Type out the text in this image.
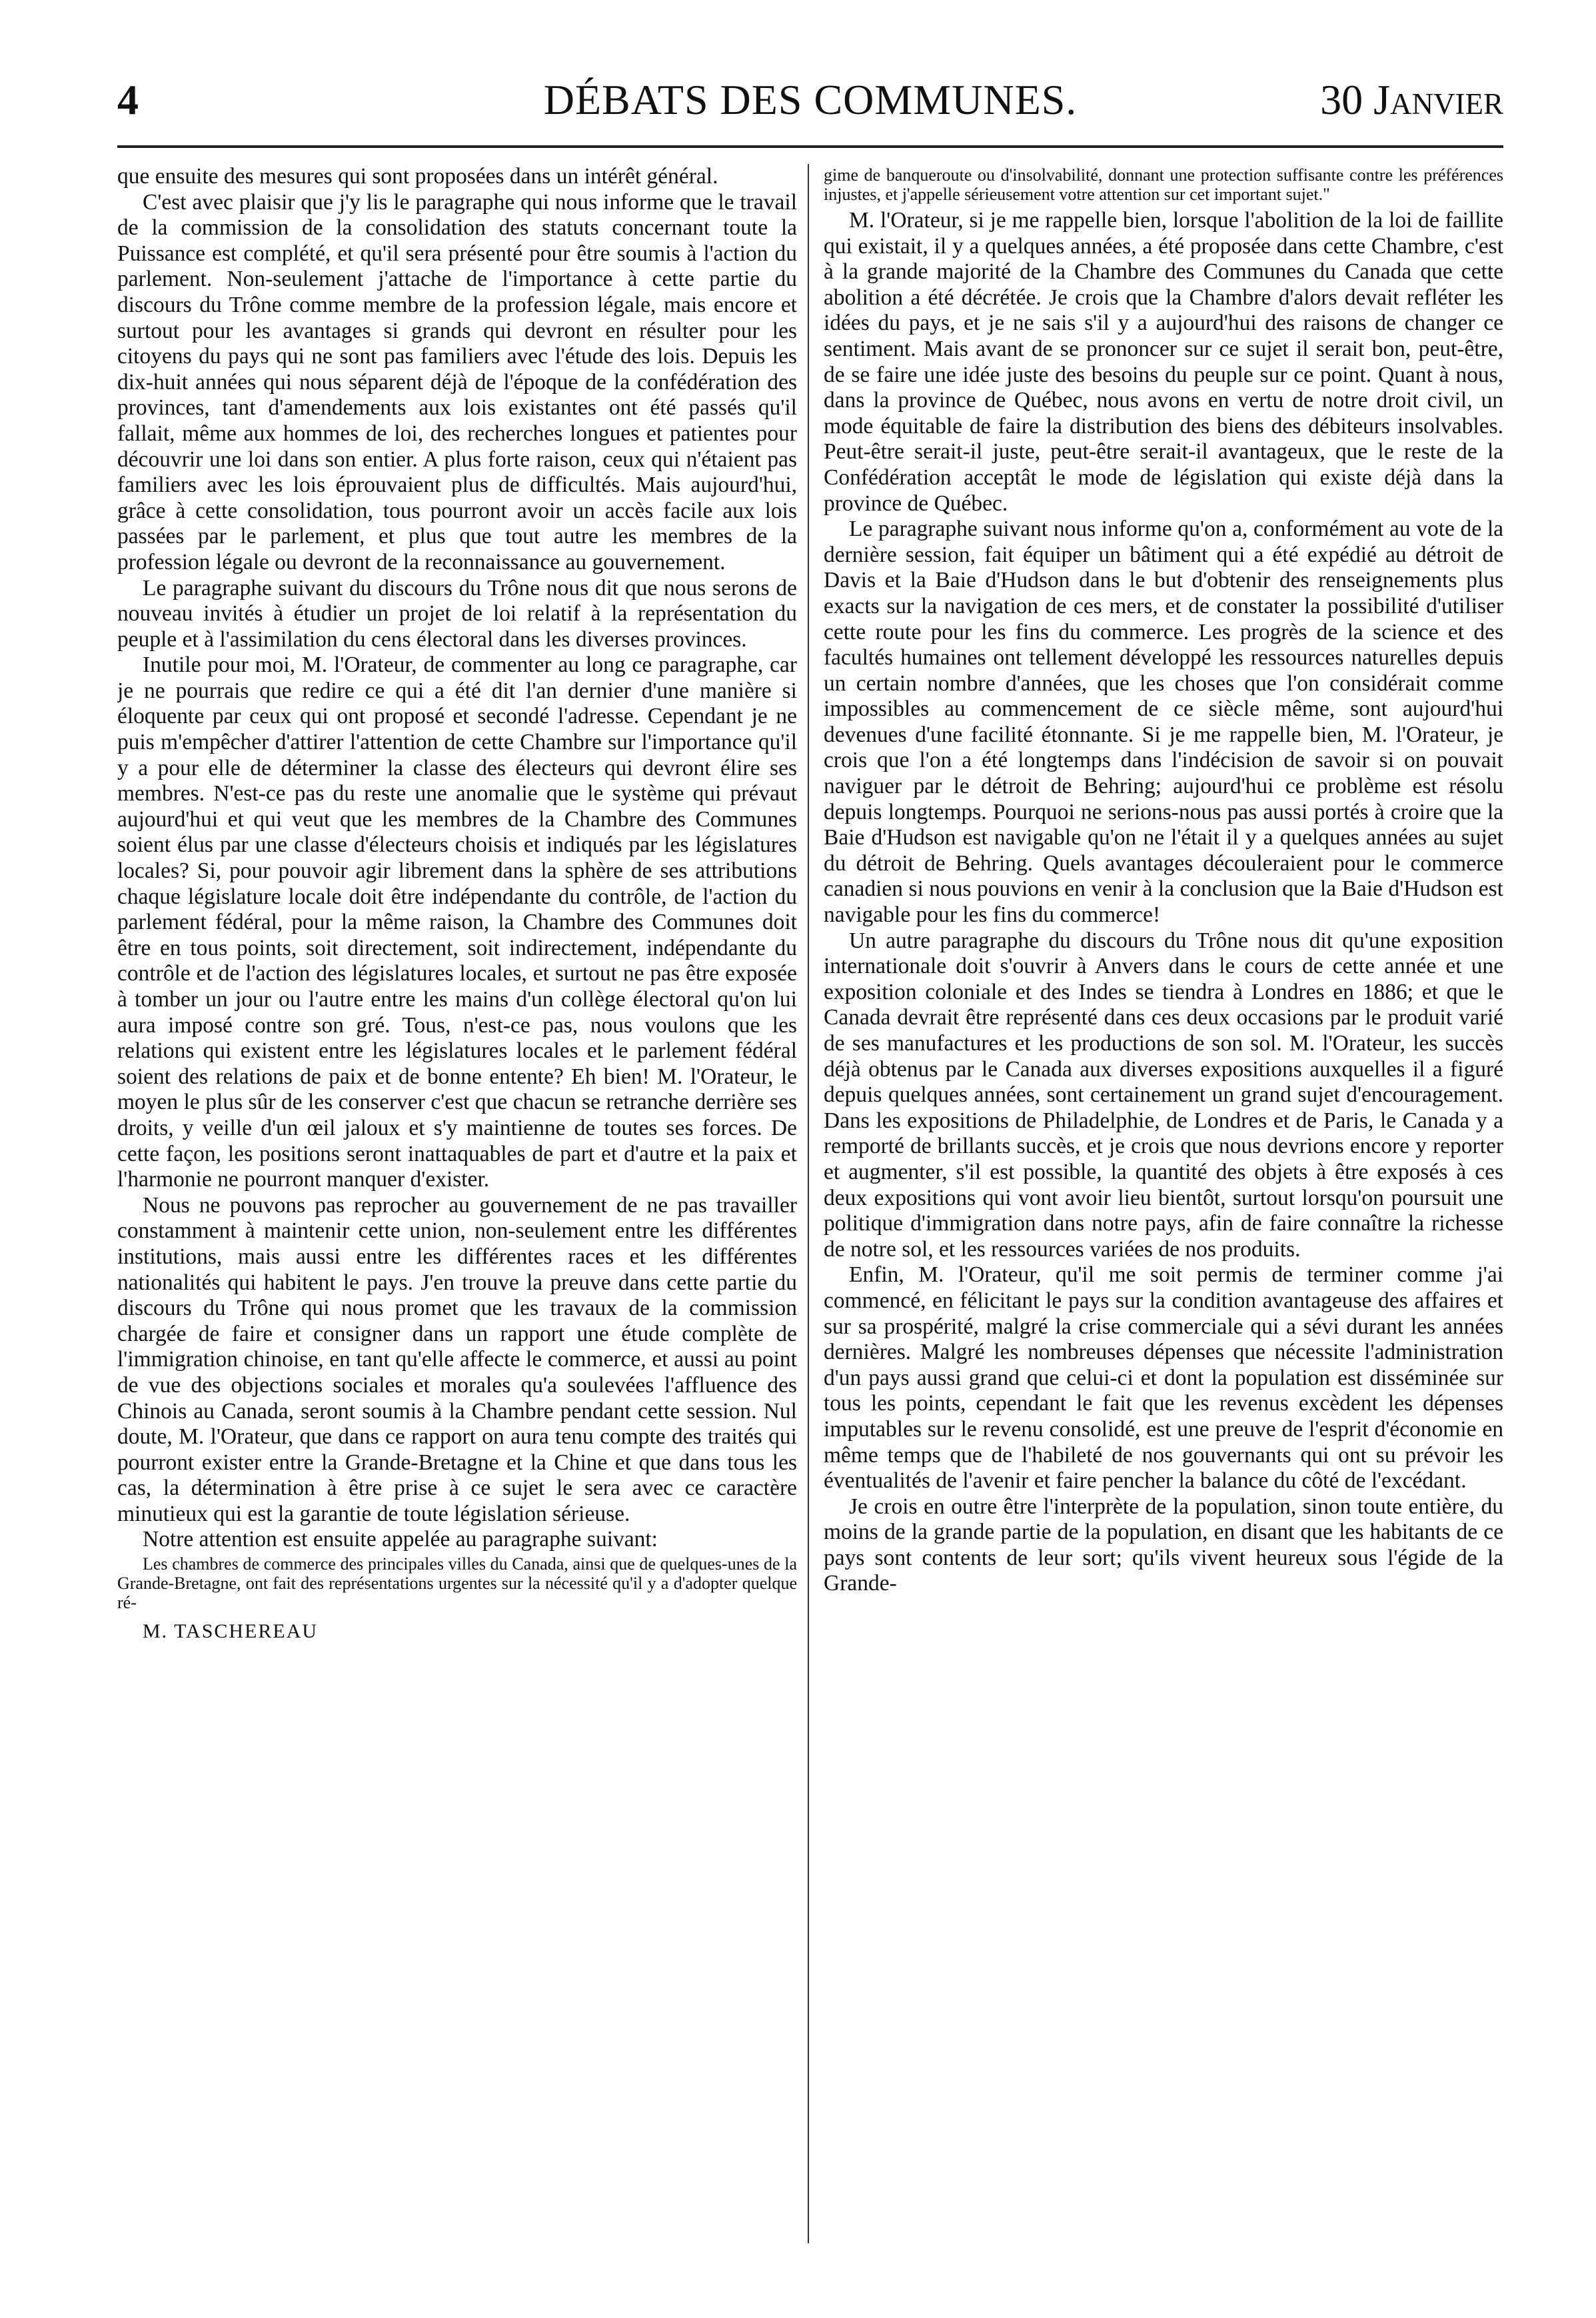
4	DÉBATS DES COMMUNES.	30 Janvier

que ensuite des mesures qui sont proposées dans un intérêt général.

C'est avec plaisir que j'y lis le paragraphe qui nous informe que le travail de la commission de la consolidation des statuts concernant toute la Puissance est complété, et qu'il sera présenté pour être soumis à l'action du parlement. Non-seulement j'attache de l'importance à cette partie du discours du Trône comme membre de la profession légale, mais encore et surtout pour les avantages si grands qui devront en résulter pour les citoyens du pays qui ne sont pas familiers avec l'étude des lois. Depuis les dix-huit années qui nous séparent déjà de l'époque de la confédération des provinces, tant d'amendements aux lois existantes ont été passés qu'il fallait, même aux hommes de loi, des recherches longues et patientes pour découvrir une loi dans son entier. A plus forte raison, ceux qui n'étaient pas familiers avec les lois éprouvaient plus de difficultés. Mais aujourd'hui, grâce à cette consolidation, tous pourront avoir un accès facile aux lois passées par le parlement, et plus que tout autre les membres de la profession légale ou devront de la reconnaissance au gouvernement.

Le paragraphe suivant du discours du Trône nous dit que nous serons de nouveau invités à étudier un projet de loi relatif à la représentation du peuple et à l'assimilation du cens électoral dans les diverses provinces.

Inutile pour moi, M. l'Orateur, de commenter au long ce paragraphe, car je ne pourrais que redire ce qui a été dit l'an dernier d'une manière si éloquente par ceux qui ont proposé et secondé l'adresse. Cependant je ne puis m'empêcher d'attirer l'attention de cette Chambre sur l'importance qu'il y a pour elle de déterminer la classe des électeurs qui devront élire ses membres. N'est-ce pas du reste une anomalie que le système qui prévaut aujourd'hui et qui veut que les membres de la Chambre des Communes soient élus par une classe d'électeurs choisis et indiqués par les législatures locales? Si, pour pouvoir agir librement dans la sphère de ses attributions chaque législature locale doit être indépendante du contrôle, de l'action du parlement fédéral, pour la même raison, la Chambre des Communes doit être en tous points, soit directement, soit indirectement, indépendante du contrôle et de l'action des législatures locales, et surtout ne pas être exposée à tomber un jour ou l'autre entre les mains d'un collège électoral qu'on lui aura imposé contre son gré. Tous, n'est-ce pas, nous voulons que les relations qui existent entre les législatures locales et le parlement fédéral soient des relations de paix et de bonne entente? Eh bien! M. l'Orateur, le moyen le plus sûr de les conserver c'est que chacun se retranche derrière ses droits, y veille d'un œil jaloux et s'y maintienne de toutes ses forces. De cette façon, les positions seront inattaquables de part et d'autre et la paix et l'harmonie ne pourront manquer d'exister.

Nous ne pouvons pas reprocher au gouvernement de ne pas travailler constamment à maintenir cette union, non-seulement entre les différentes institutions, mais aussi entre les différentes races et les différentes nationalités qui habitent le pays. J'en trouve la preuve dans cette partie du discours du Trône qui nous promet que les travaux de la commission chargée de faire et consigner dans un rapport une étude complète de l'immigration chinoise, en tant qu'elle affecte le commerce, et aussi au point de vue des objections sociales et morales qu'a soulevées l'affluence des Chinois au Canada, seront soumis à la Chambre pendant cette session. Nul doute, M. l'Orateur, que dans ce rapport on aura tenu compte des traités qui pourront exister entre la Grande-Bretagne et la Chine et que dans tous les cas, la détermination à être prise à ce sujet le sera avec ce caractère minutieux qui est la garantie de toute législation sérieuse.

Notre attention est ensuite appelée au paragraphe suivant:

Les chambres de commerce des principales villes du Canada, ainsi que de quelques-unes de la Grande-Bretagne, ont fait des représentations urgentes sur la nécessité qu'il y a d'adopter quelque ré-

M. TASCHEREAU

gime de banqueroute ou d'insolvabilité, donnant une protection suffisante contre les préférences injustes, et j'appelle sérieusement votre attention sur cet important sujet."

M. l'Orateur, si je me rappelle bien, lorsque l'abolition de la loi de faillite qui existait, il y a quelques années, a été proposée dans cette Chambre, c'est à la grande majorité de la Chambre des Communes du Canada que cette abolition a été décrétée. Je crois que la Chambre d'alors devait refléter les idées du pays, et je ne sais s'il y a aujourd'hui des raisons de changer ce sentiment. Mais avant de se prononcer sur ce sujet il serait bon, peut-être, de se faire une idée juste des besoins du peuple sur ce point. Quant à nous, dans la province de Québec, nous avons en vertu de notre droit civil, un mode équitable de faire la distribution des biens des débiteurs insolvables. Peut-être serait-il juste, peut-être serait-il avantageux, que le reste de la Confédération acceptât le mode de législation qui existe déjà dans la province de Québec.

Le paragraphe suivant nous informe qu'on a, conformément au vote de la dernière session, fait équiper un bâtiment qui a été expédié au détroit de Davis et la Baie d'Hudson dans le but d'obtenir des renseignements plus exacts sur la navigation de ces mers, et de constater la possibilité d'utiliser cette route pour les fins du commerce. Les progrès de la science et des facultés humaines ont tellement développé les ressources naturelles depuis un certain nombre d'années, que les choses que l'on considérait comme impossibles au commencement de ce siècle même, sont aujourd'hui devenues d'une facilité étonnante. Si je me rappelle bien, M. l'Orateur, je crois que l'on a été longtemps dans l'indécision de savoir si on pouvait naviguer par le détroit de Behring; aujourd'hui ce problème est résolu depuis longtemps. Pourquoi ne serions-nous pas aussi portés à croire que la Baie d'Hudson est navigable qu'on ne l'était il y a quelques années au sujet du détroit de Behring. Quels avantages découleraient pour le commerce canadien si nous pouvions en venir à la conclusion que la Baie d'Hudson est navigable pour les fins du commerce!

Un autre paragraphe du discours du Trône nous dit qu'une exposition internationale doit s'ouvrir à Anvers dans le cours de cette année et une exposition coloniale et des Indes se tiendra à Londres en 1886; et que le Canada devrait être représenté dans ces deux occasions par le produit varié de ses manufactures et les productions de son sol. M. l'Orateur, les succès déjà obtenus par le Canada aux diverses expositions auxquelles il a figuré depuis quelques années, sont certainement un grand sujet d'encouragement. Dans les expositions de Philadelphie, de Londres et de Paris, le Canada y a remporté de brillants succès, et je crois que nous devrions encore y reporter et augmenter, s'il est possible, la quantité des objets à être exposés à ces deux expositions qui vont avoir lieu bientôt, surtout lorsqu'on poursuit une politique d'immigration dans notre pays, afin de faire connaître la richesse de notre sol, et les ressources variées de nos produits.

Enfin, M. l'Orateur, qu'il me soit permis de terminer comme j'ai commencé, en félicitant le pays sur la condition avantageuse des affaires et sur sa prospérité, malgré la crise commerciale qui a sévi durant les années dernières. Malgré les nombreuses dépenses que nécessite l'administration d'un pays aussi grand que celui-ci et dont la population est disséminée sur tous les points, cependant le fait que les revenus excèdent les dépenses imputables sur le revenu consolidé, est une preuve de l'esprit d'économie en même temps que de l'habileté de nos gouvernants qui ont su prévoir les éventualités de l'avenir et faire pencher la balance du côté de l'excédant.

Je crois en outre être l'interprète de la population, sinon toute entière, du moins de la grande partie de la population, en disant que les habitants de ce pays sont contents de leur sort; qu'ils vivent heureux sous l'égide de la Grande-
